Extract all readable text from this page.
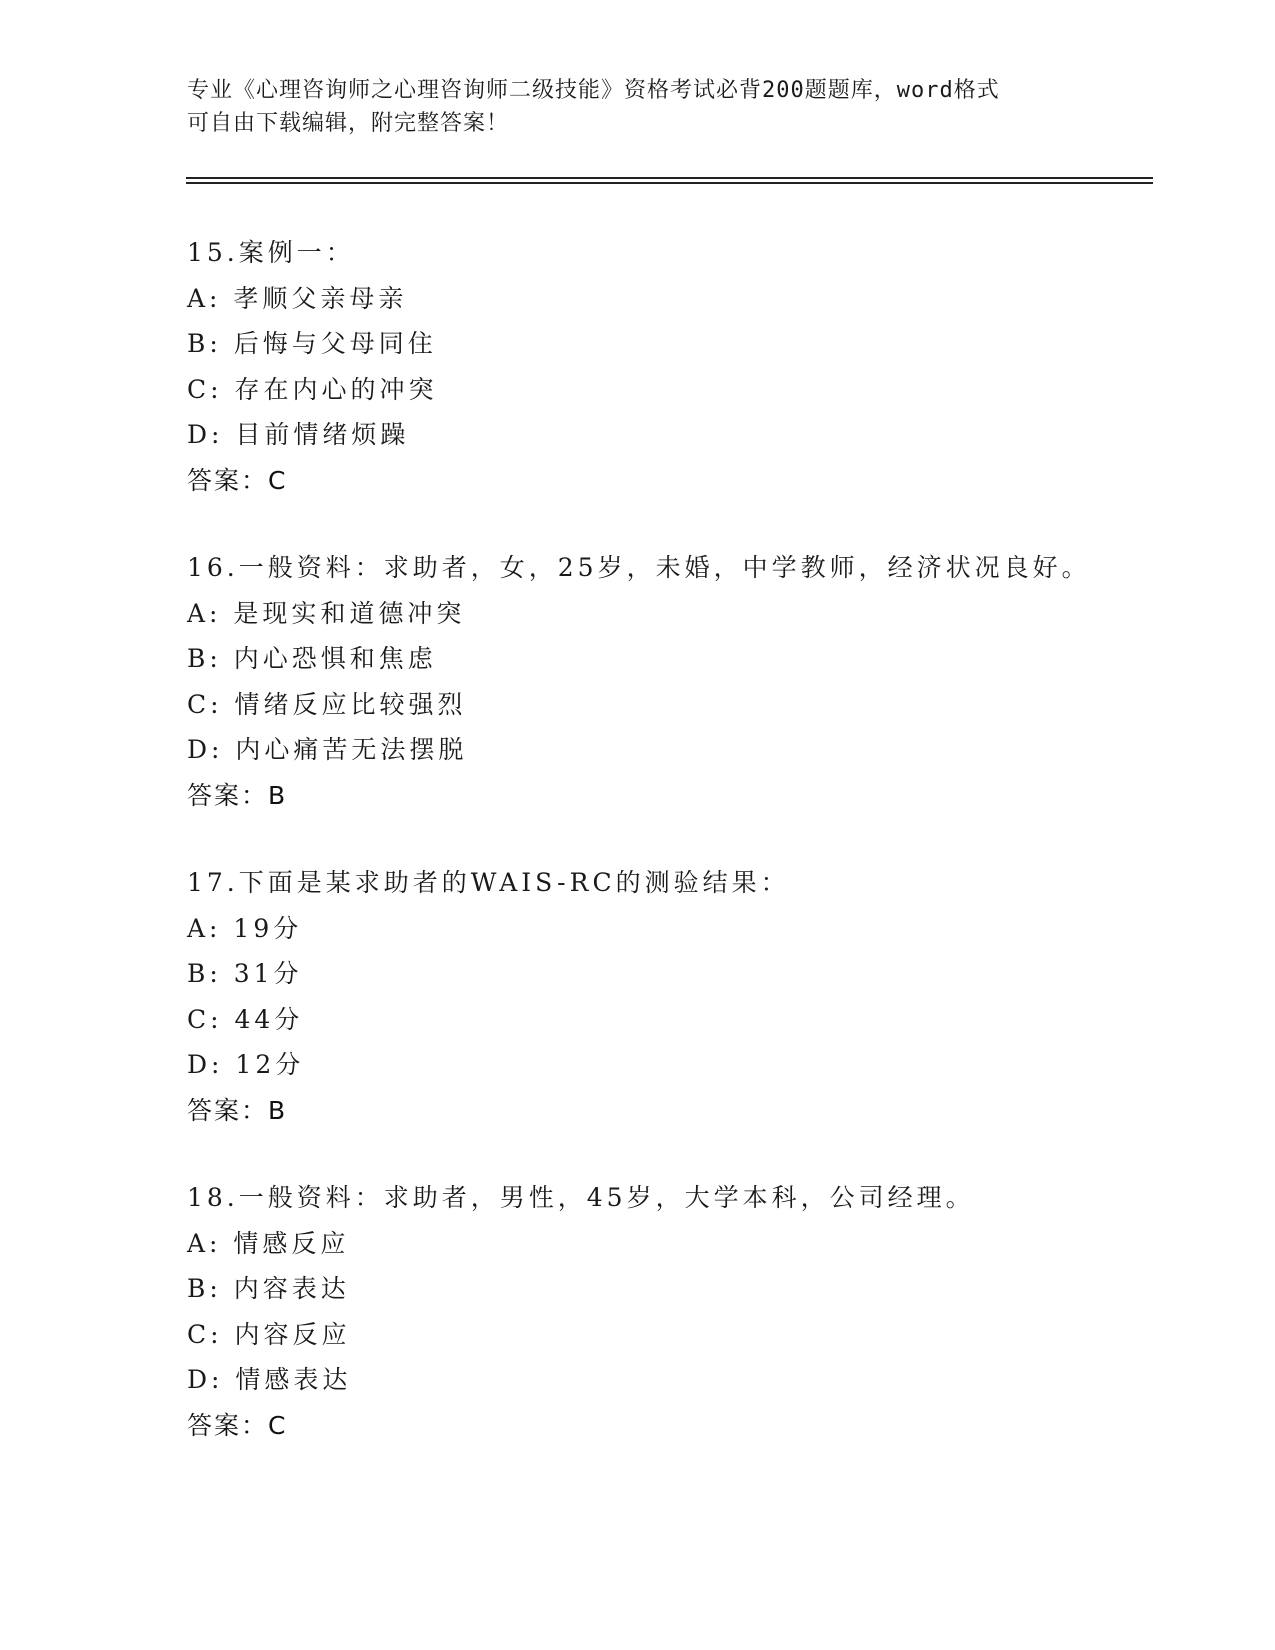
专业《心理咨询师之心理咨询师二级技能》资格考试必背200题题库，word格式
可自由下载编辑，附完整答案！
15.案例一：
A: 孝顺父亲母亲
B: 后悔与父母同住
C: 存在内心的冲突
D: 目前情绪烦躁
答案：C
16.一般资料：求助者，女，25岁，未婚，中学教师，经济状况良好。
A: 是现实和道德冲突
B: 内心恐惧和焦虑
C: 情绪反应比较强烈
D: 内心痛苦无法摆脱
答案：B
17.下面是某求助者的WAIS-RC的测验结果：
A: 19分
B: 31分
C: 44分
D: 12分
答案：B
18.一般资料：求助者，男性，45岁，大学本科，公司经理。
A: 情感反应
B: 内容表达
C: 内容反应
D: 情感表达
答案：C
